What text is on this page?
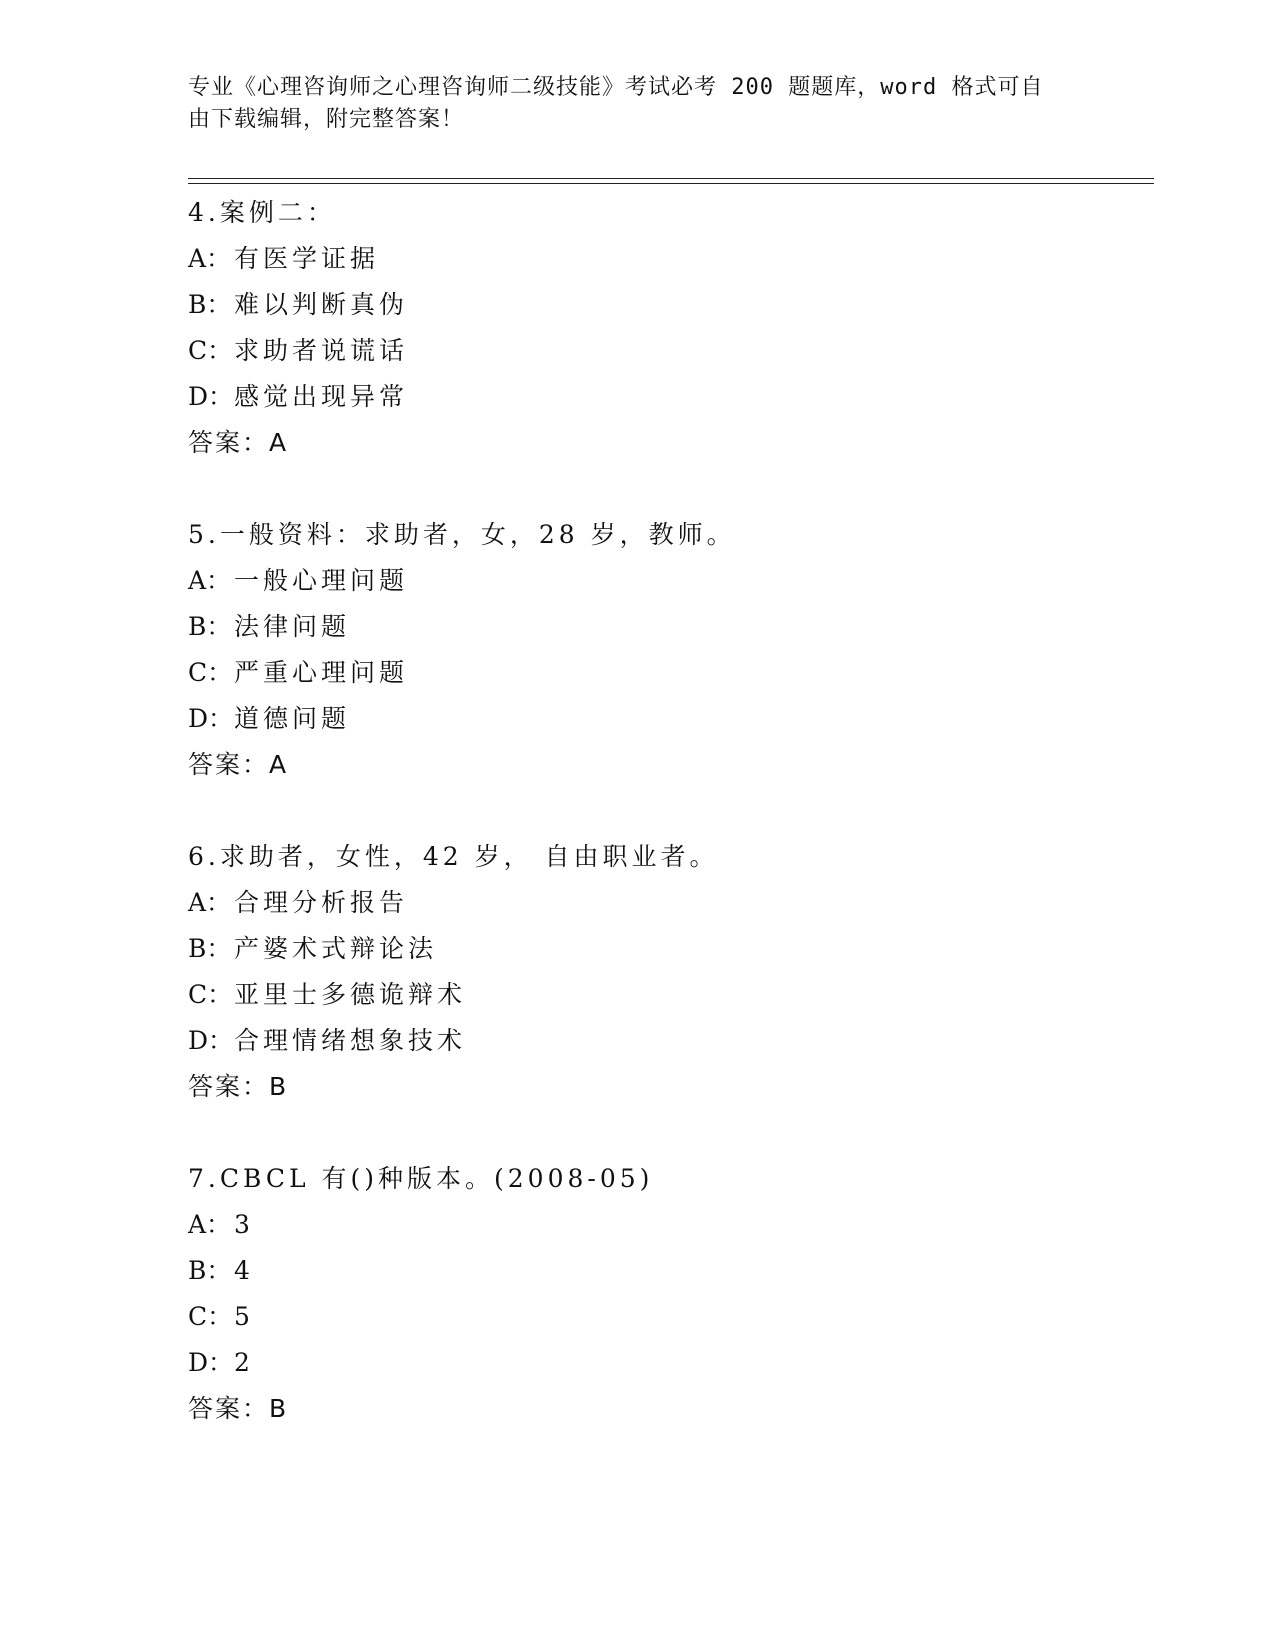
专业《心理咨询师之心理咨询师二级技能》考试必考 200 题题库，word 格式可自
由下载编辑，附完整答案！
4.案例二：
A： 有医学证据
B： 难以判断真伪
C：求助者说谎话
D：感觉出现异常
答案：A
5.一般资料：求助者，女，28 岁，教师。
A： 一般心理问题
B： 法律问题
C：严重心理问题
D：道德问题
答案：A
6.求助者，女性，42 岁， 自由职业者。
A： 合理分析报告
B： 产婆术式辩论法
C：亚里士多德诡辩术
D：合理情绪想象技术
答案：B
7.CBCL 有()种版本。(2008-05)
A： 3
B： 4
C：5
D：2
答案：B
